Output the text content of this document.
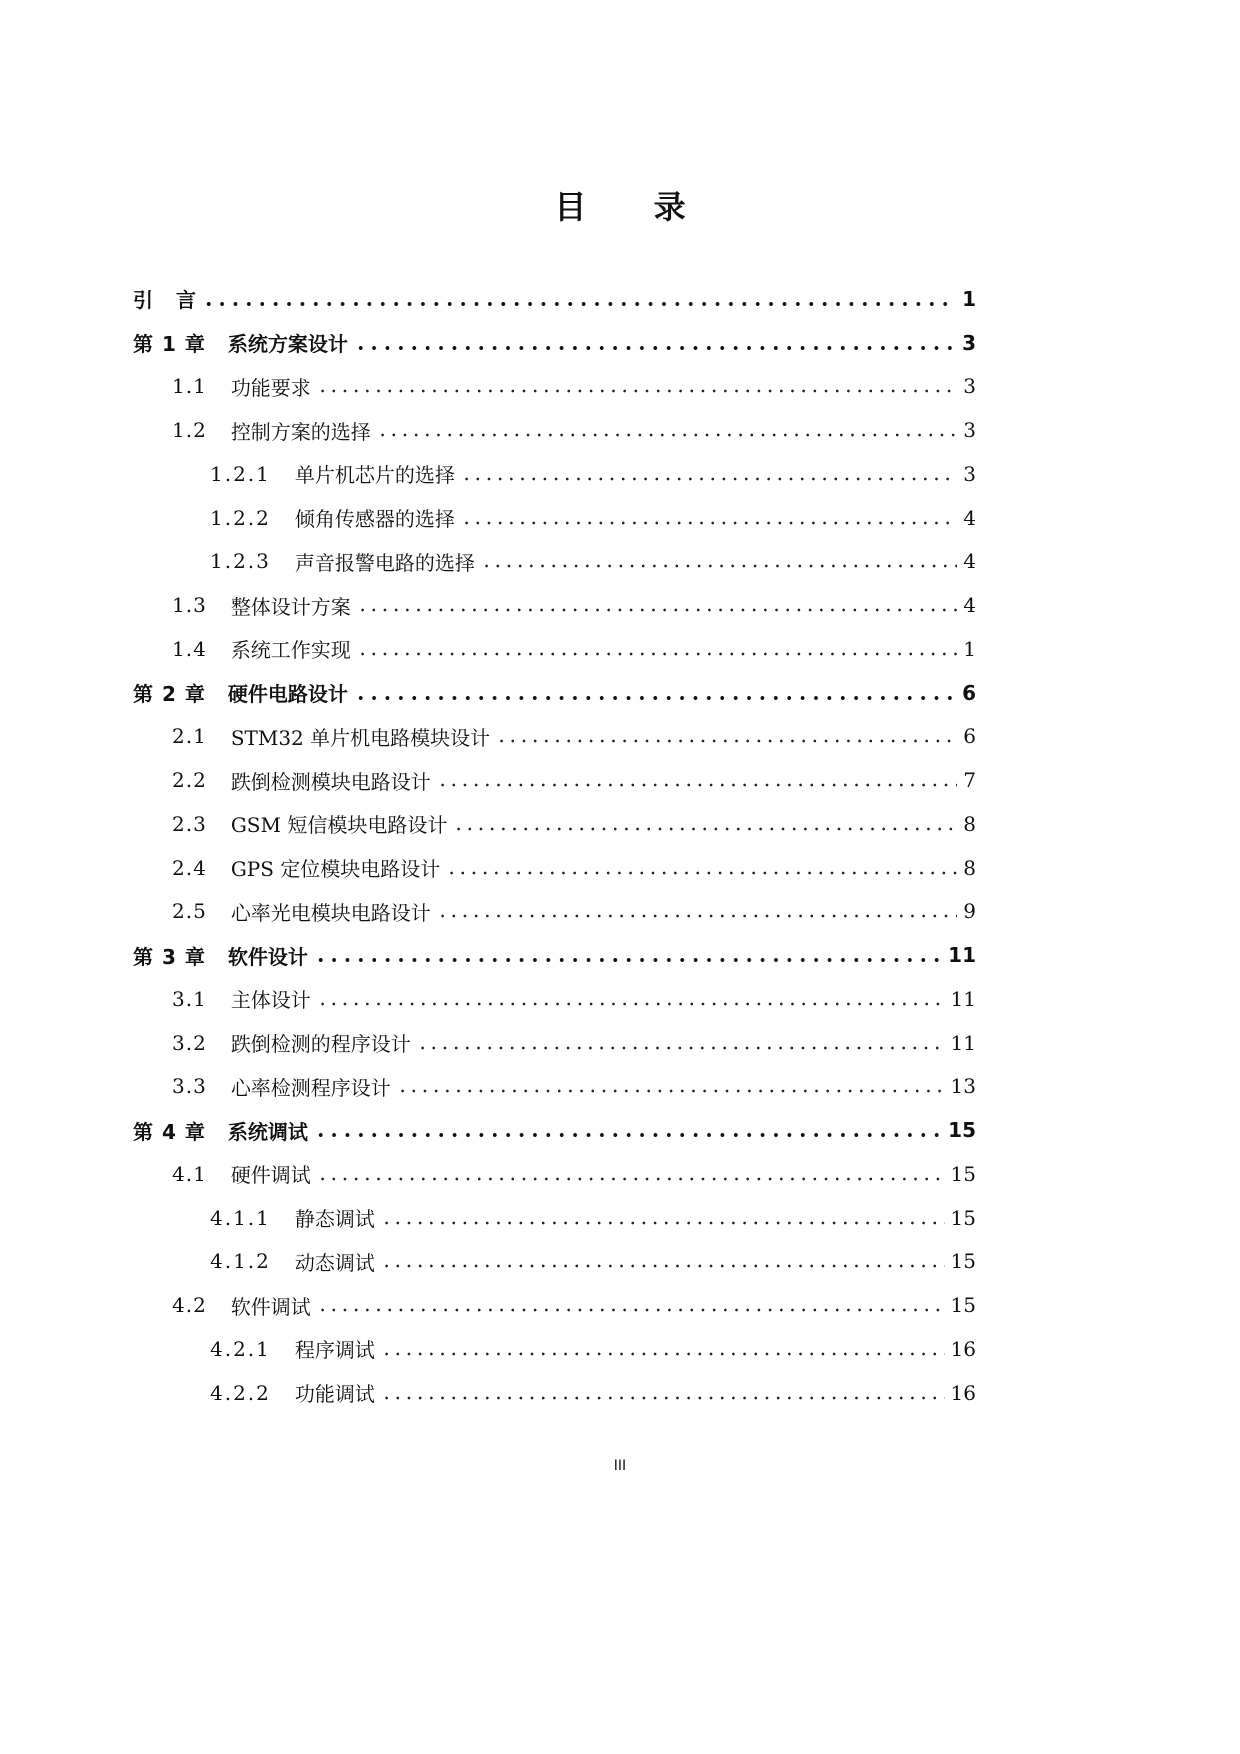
目 录
引 言	1
第 1 章 系统方案设计	3
1.1 功能要求	3
1.2 控制方案的选择	3
1.2.1 单片机芯片的选择	3
1.2.2 倾角传感器的选择	4
1.2.3 声音报警电路的选择	4
1.3 整体设计方案	4
1.4 系统工作实现	1
第 2 章 硬件电路设计	6
2.1 STM32 单片机电路模块设计	6
2.2 跌倒检测模块电路设计	7
2.3 GSM 短信模块电路设计	8
2.4 GPS 定位模块电路设计	8
2.5 心率光电模块电路设计	9
第 3 章 软件设计	11
3.1 主体设计	11
3.2 跌倒检测的程序设计	11
3.3 心率检测程序设计	13
第 4 章 系统调试	15
4.1 硬件调试	15
4.1.1 静态调试	15
4.1.2 动态调试	15
4.2 软件调试	15
4.2.1 程序调试	16
4.2.2 功能调试	16
III
